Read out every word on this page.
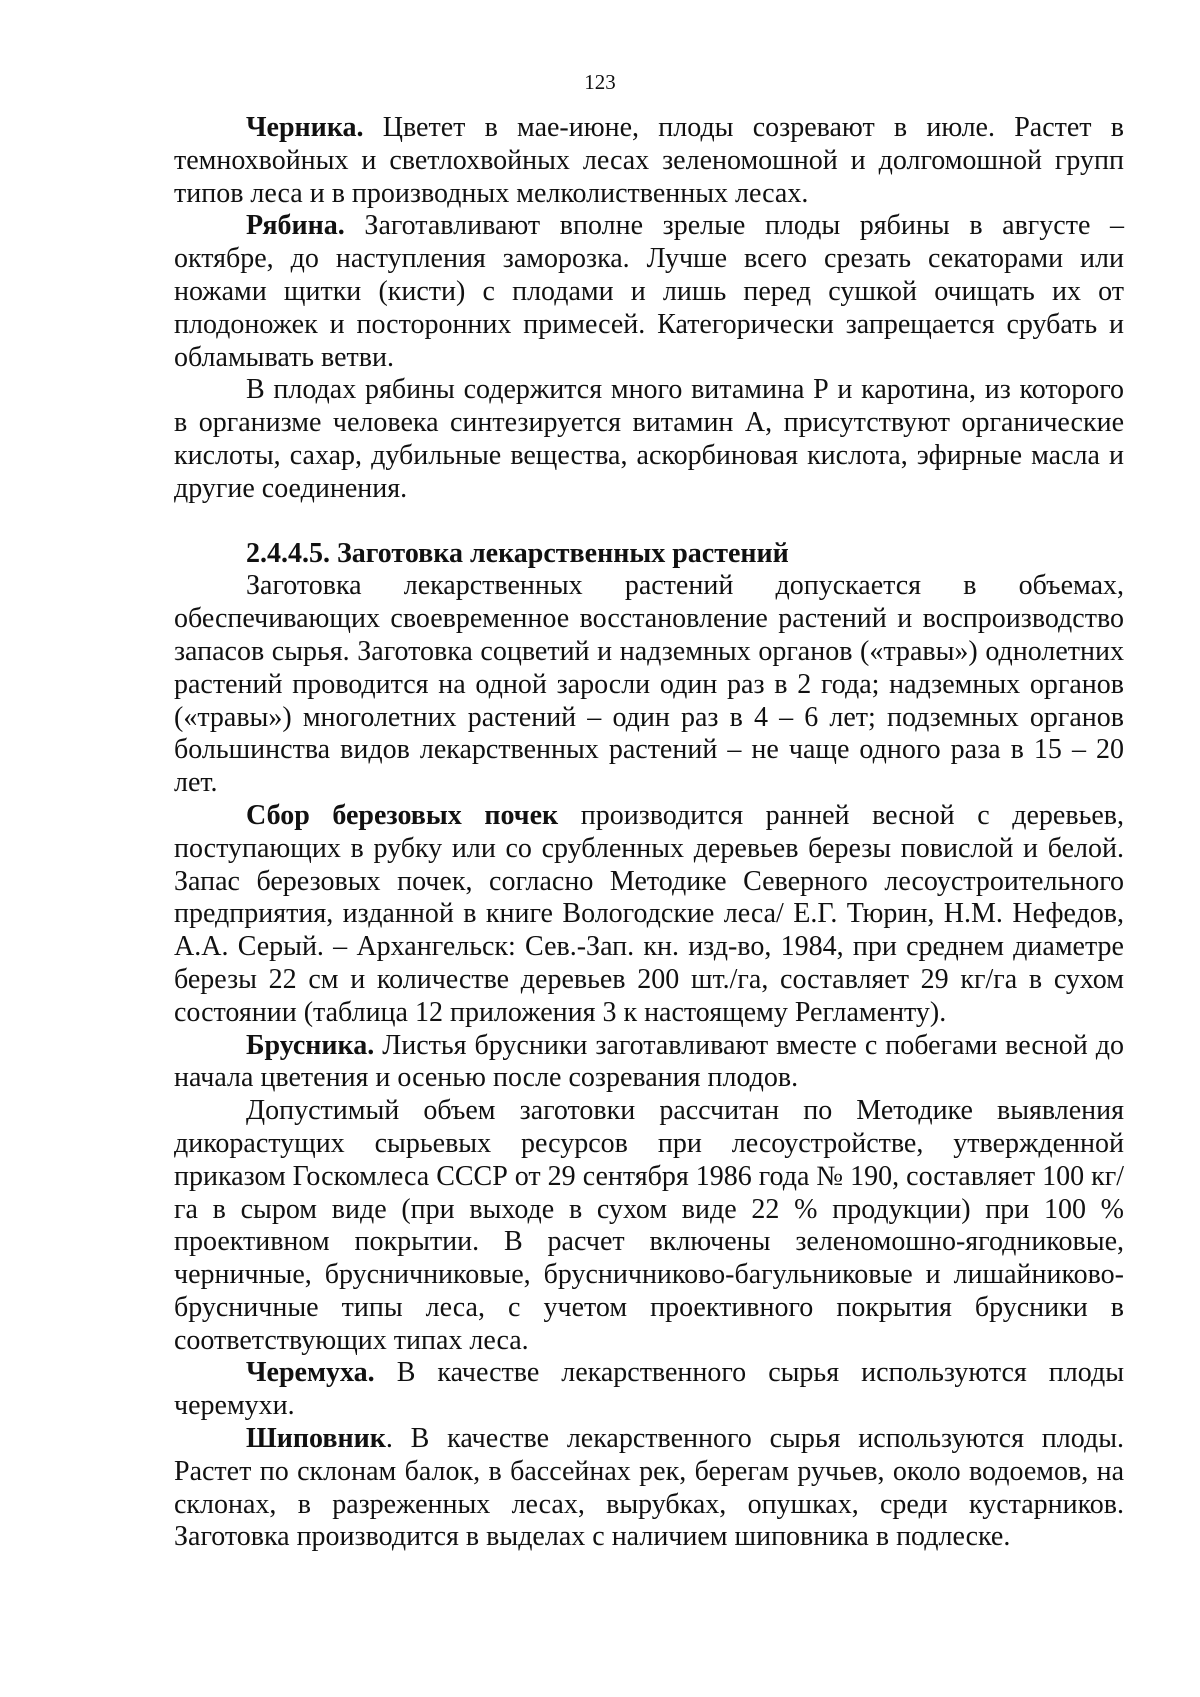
123

Черника. Цветет в мае-июне, плоды созревают в июле. Растет в темнохвойных и светлохвойных лесах зеленомошной и долгомошной групп типов леса и в производных мелколиственных лесах.

Рябина. Заготавливают вполне зрелые плоды рябины в августе – октябре, до наступления заморозка. Лучше всего срезать секаторами или ножами щитки (кисти) с плодами и лишь перед сушкой очищать их от плодоножек и посторонних примесей. Категорически запрещается срубать и обламывать ветви.

В плодах рябины содержится много витамина Р и каротина, из которого в организме человека синтезируется витамин А, присутствуют органические кислоты, сахар, дубильные вещества, аскорбиновая кислота, эфирные масла и другие соединения.

2.4.4.5. Заготовка лекарственных растений

Заготовка лекарственных растений допускается в объемах, обеспечивающих своевременное восстановление растений и воспроизводство запасов сырья. Заготовка соцветий и надземных органов («травы») однолетних растений проводится на одной заросли один раз в 2 года; надземных органов («травы») многолетних растений – один раз в 4 – 6 лет; подземных органов большинства видов лекарственных растений – не чаще одного раза в 15 – 20 лет.

Сбор березовых почек производится ранней весной с деревьев, поступающих в рубку или со срубленных деревьев березы повислой и белой. Запас березовых почек, согласно Методике Северного лесоустроительного предприятия, изданной в книге Вологодские леса/ Е.Г. Тюрин, Н.М. Нефедов, А.А. Серый. – Архангельск: Сев.-Зап. кн. изд-во, 1984, при среднем диаметре березы 22 см и количестве деревьев 200 шт./га, составляет 29 кг/га в сухом состоянии (таблица 12 приложения 3 к настоящему Регламенту).

Брусника. Листья брусники заготавливают вместе с побегами весной до начала цветения и осенью после созревания плодов.

Допустимый объем заготовки рассчитан по Методике выявления дикорастущих сырьевых ресурсов при лесоустройстве, утвержденной приказом Госкомлеса СССР от 29 сентября 1986 года № 190, составляет 100 кг/га в сыром виде (при выходе в сухом виде 22 % продукции) при 100 % проективном покрытии. В расчет включены зеленомошно-ягодниковые, черничные, брусничниковые, брусничниково-багульниковые и лишайниково-брусничные типы леса, с учетом проективного покрытия брусники в соответствующих типах леса.

Черемуха. В качестве лекарственного сырья используются плоды черемухи.

Шиповник. В качестве лекарственного сырья используются плоды. Растет по склонам балок, в бассейнах рек, берегам ручьев, около водоемов, на склонах, в разреженных лесах, вырубках, опушках, среди кустарников. Заготовка производится в выделах с наличием шиповника в подлеске.
